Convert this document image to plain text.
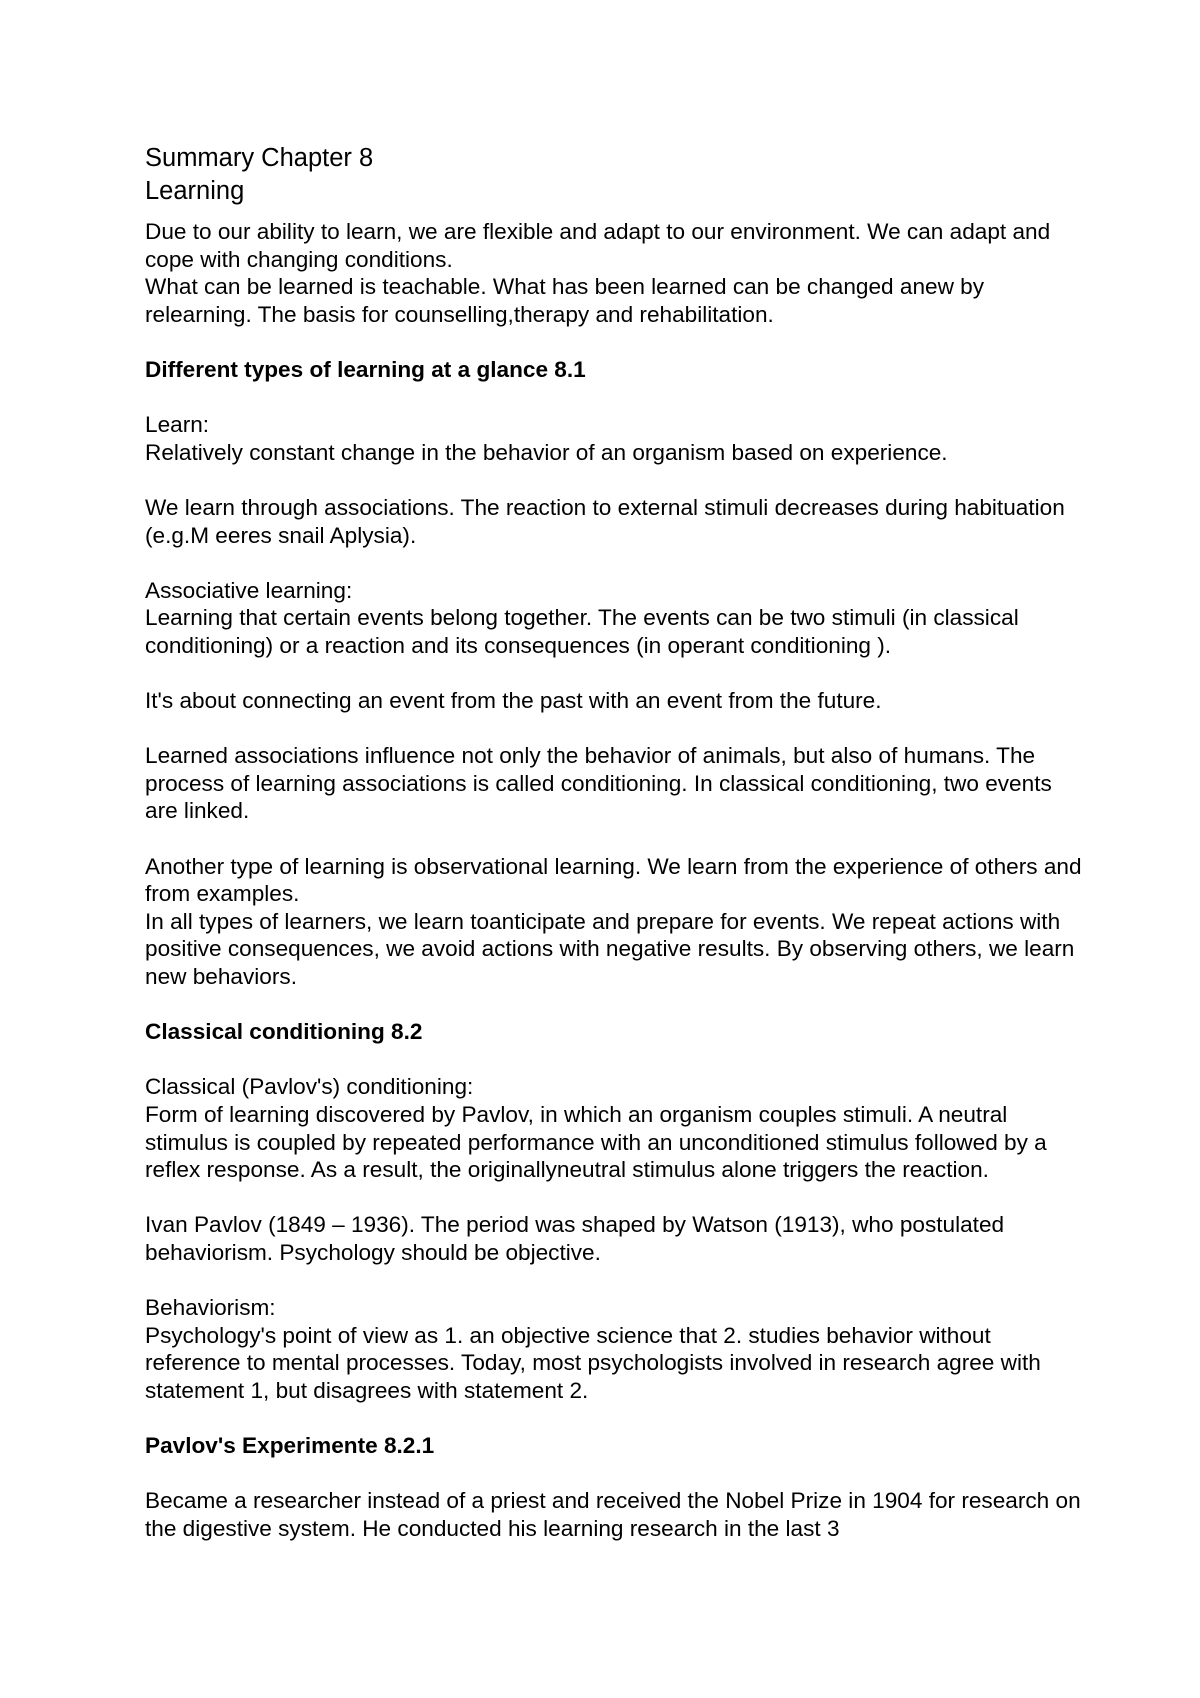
Summary Chapter 8
Learning
Due to our ability to learn, we are flexible and adapt to our environment. We can adapt and cope with changing conditions.
What can be learned is teachable. What has been learned can be changed anew by relearning. The basis for counselling,therapy and rehabilitation.
Different types of learning at a glance 8.1
Learn:
Relatively constant change in the behavior of an organism based on experience.
We learn through associations. The reaction to external stimuli decreases during habituation (e.g.M eeres snail Aplysia).
Associative learning:
Learning that certain events belong together. The events can be two stimuli (in classical conditioning) or a reaction and its consequences (in operant conditioning ).
It's about connecting an event from the past with an event from the future.
Learned associations influence not only the behavior of animals, but also of humans. The process of learning associations is called conditioning. In classical conditioning, two events are linked.
Another type of learning is observational learning. We learn from the experience of others and from examples.
In all types of learners, we learn toanticipate and prepare for events. We repeat actions with positive consequences, we avoid actions with negative results. By observing others, we learn new behaviors.
Classical conditioning 8.2
Classical (Pavlov's) conditioning:
Form of learning discovered by Pavlov, in which an organism couples stimuli. A neutral stimulus is coupled by repeated performance with an unconditioned stimulus followed by a reflex response. As a result, the originallyneutral stimulus alone triggers the reaction.
Ivan Pavlov (1849 – 1936). The period was shaped by Watson (1913), who postulated behaviorism. Psychology should be objective.
Behaviorism:
Psychology's point of view as 1. an objective science that 2. studies behavior without reference to mental processes. Today, most psychologists involved in research agree with statement 1, but disagrees with statement 2.
Pavlov's Experimente 8.2.1
Became a researcher instead of a priest and received the Nobel Prize in 1904 for research on the digestive system. He conducted his learning research in the last 3
